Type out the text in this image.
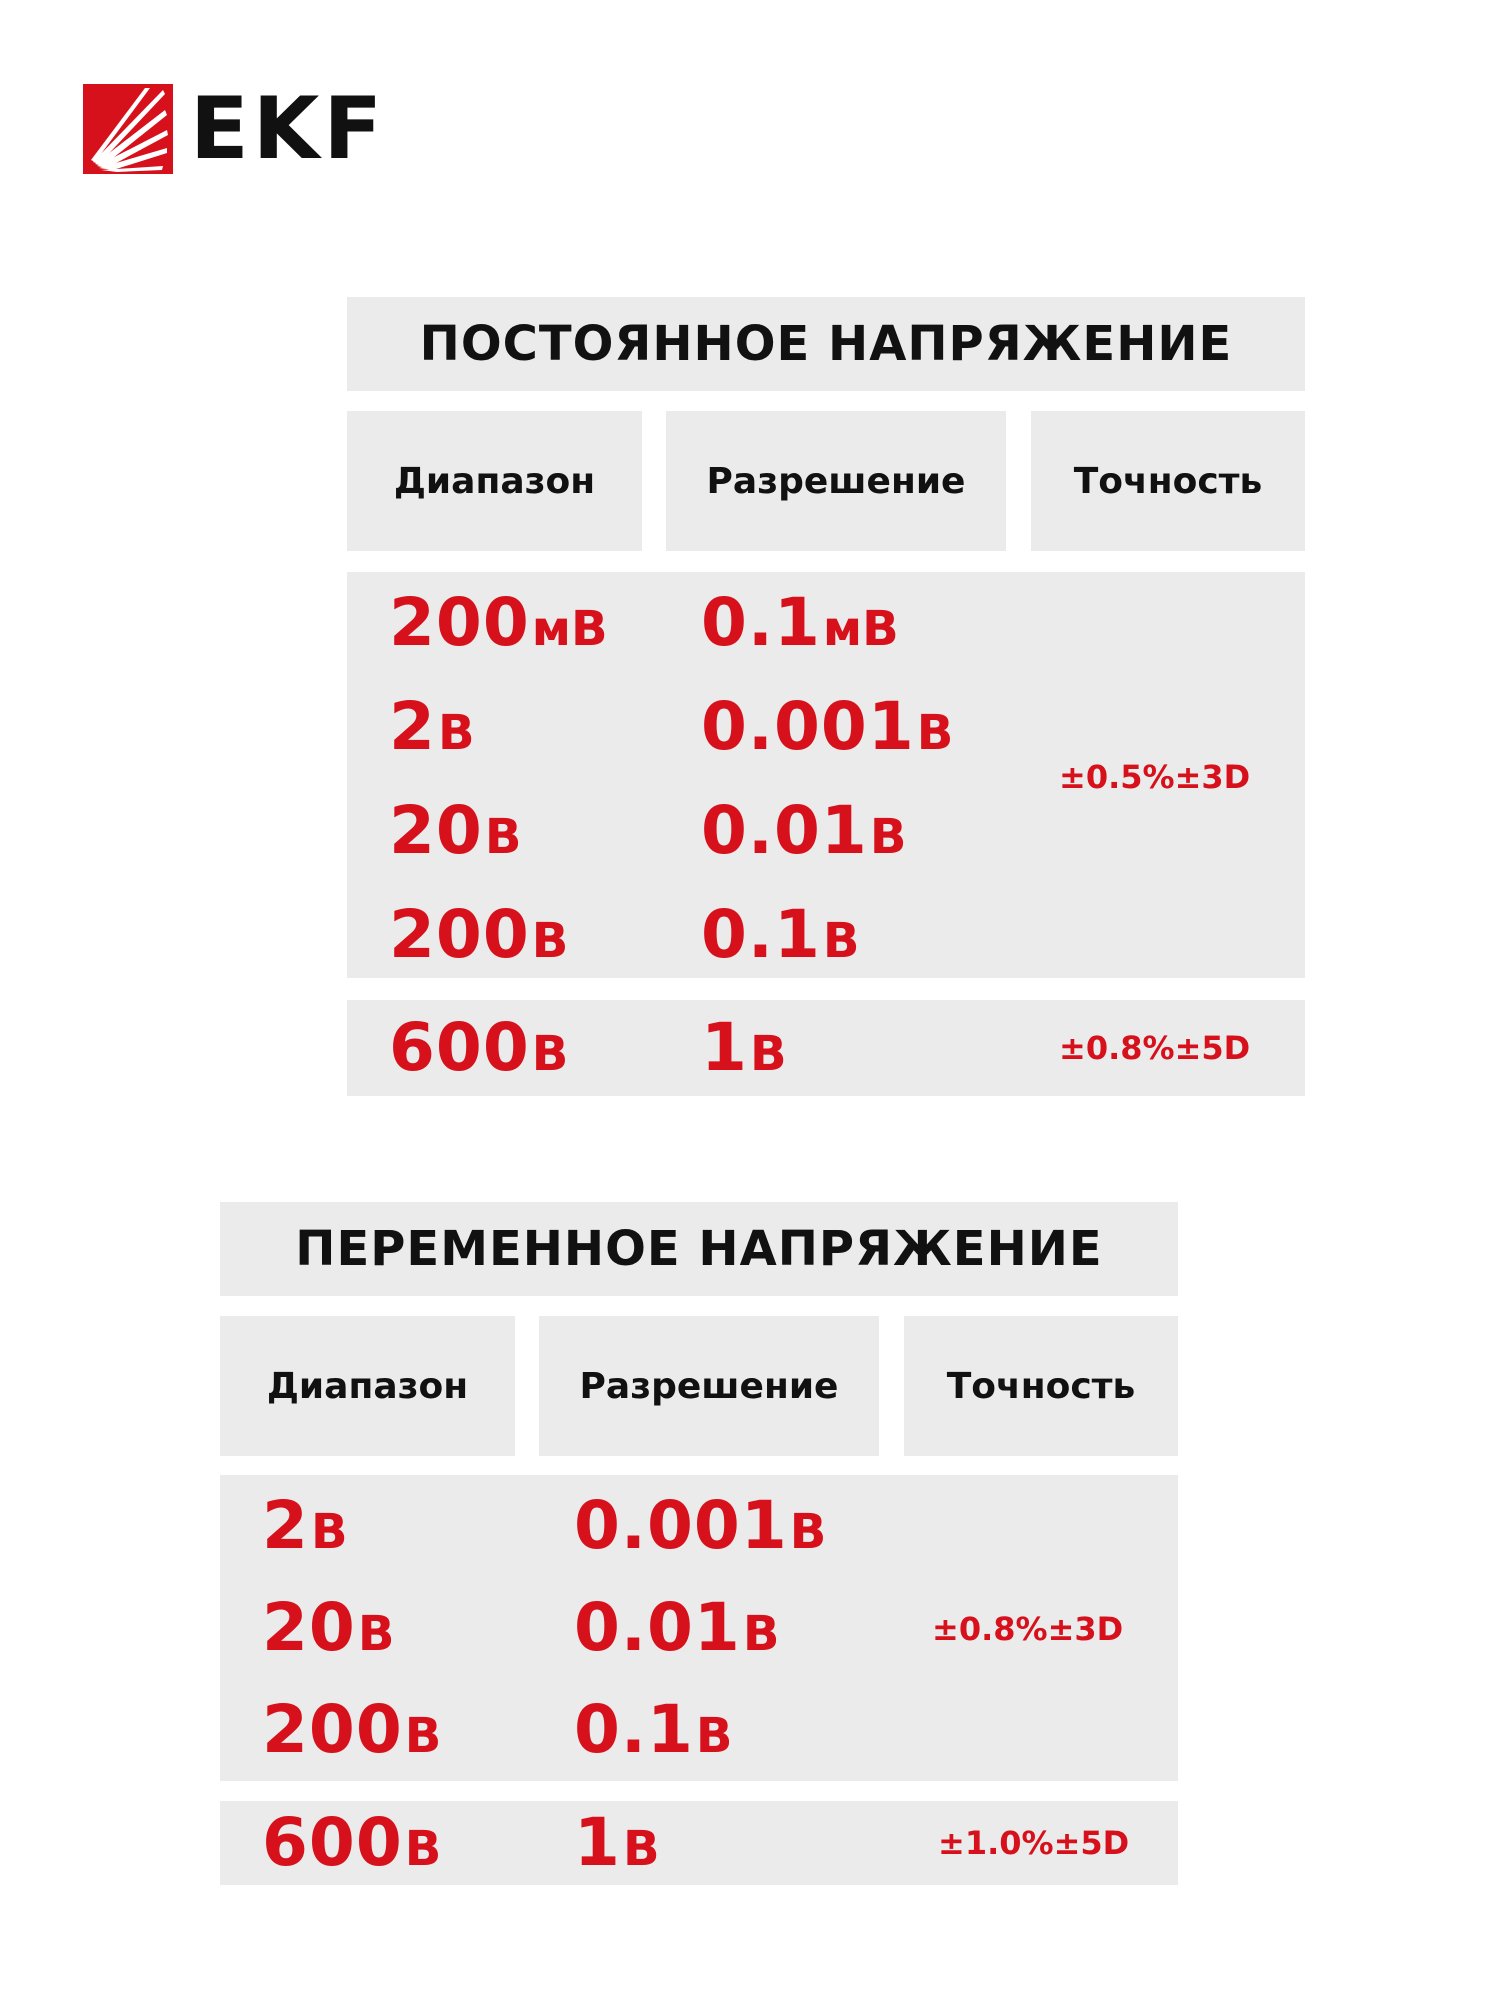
EKF
ПОСТОЯННОЕ НАПРЯЖЕНИЕ
Диапазон	Разрешение	Точность
200мВ 0.1мВ
2В	0.001В
20В	0.01В
200В 0.1В
±0.5%±3D
600В 1В	±0.8%±5D
ПЕРЕМЕННОЕ НАПРЯЖЕНИЕ
Диапазон	Разрешение	Точность
2В	0.001В
20В	0.01В
200В 0.1В
±0.8%±3D
600В 1В	±1.0%±5D
